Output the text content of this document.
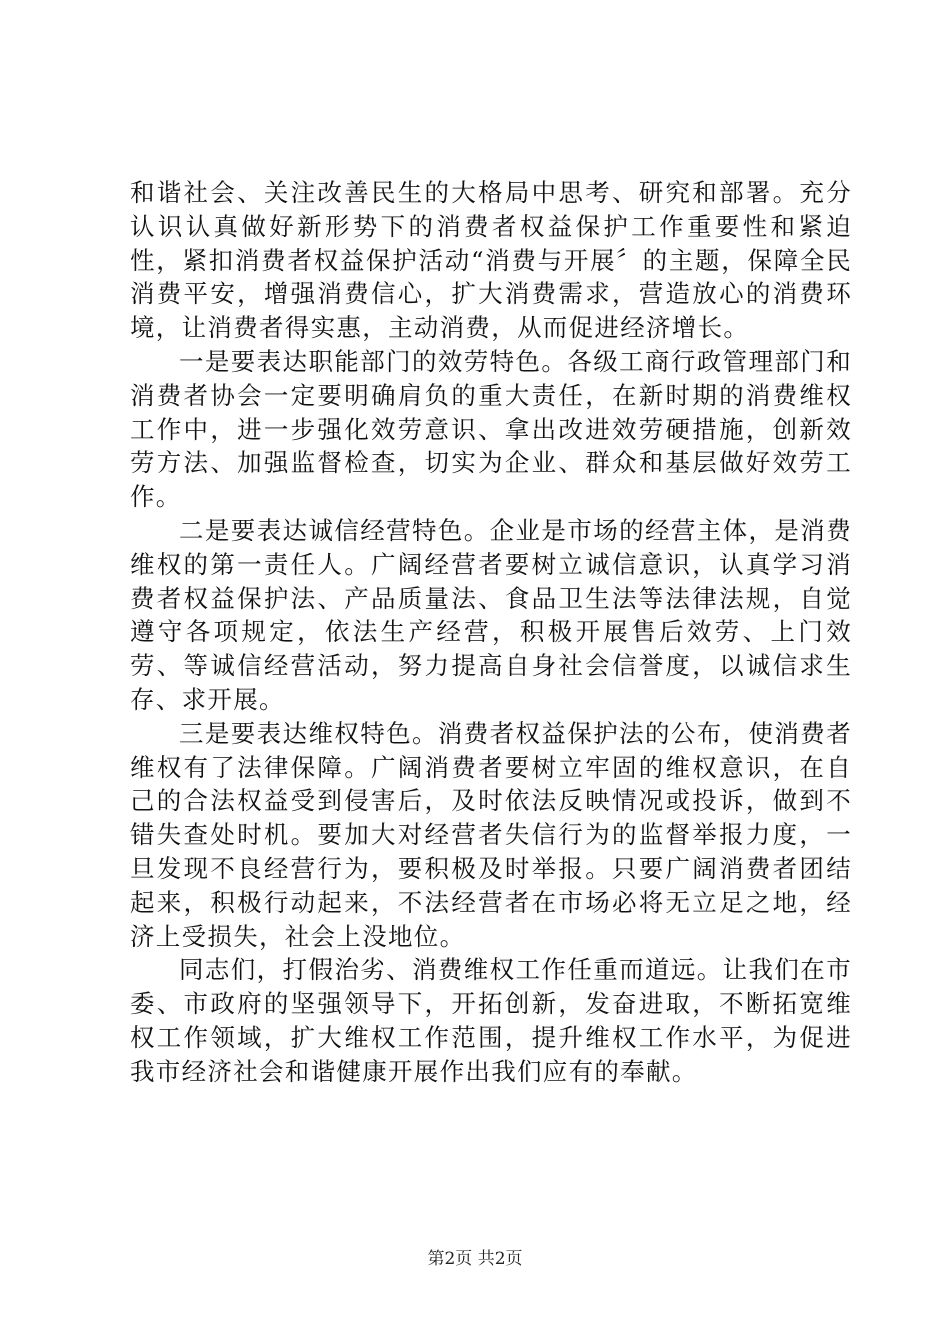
和谐社会、关注改善民生的大格局中思考、研究和部署。充分认识认真做好新形势下的消费者权益保护工作重要性和紧迫性，紧扣消费者权益保护活动“消费与开展〞的主题，保障全民消费平安，增强消费信心，扩大消费需求，营造放心的消费环境，让消费者得实惠，主动消费，从而促进经济增长。

一是要表达职能部门的效劳特色。各级工商行政管理部门和消费者协会一定要明确肩负的重大责任，在新时期的消费维权工作中，进一步强化效劳意识、拿出改进效劳硬措施，创新效劳方法、加强监督检查，切实为企业、群众和基层做好效劳工作。

二是要表达诚信经营特色。企业是市场的经营主体，是消费维权的第一责任人。广阔经营者要树立诚信意识，认真学习消费者权益保护法、产品质量法、食品卫生法等法律法规，自觉遵守各项规定，依法生产经营，积极开展售后效劳、上门效劳、等诚信经营活动，努力提高自身社会信誉度，以诚信求生存、求开展。

三是要表达维权特色。消费者权益保护法的公布，使消费者维权有了法律保障。广阔消费者要树立牢固的维权意识，在自己的合法权益受到侵害后，及时依法反映情况或投诉，做到不错失查处时机。要加大对经营者失信行为的监督举报力度，一旦发现不良经营行为，要积极及时举报。只要广阔消费者团结起来，积极行动起来，不法经营者在市场必将无立足之地，经济上受损失，社会上没地位。

同志们，打假治劣、消费维权工作任重而道远。让我们在市委、市政府的坚强领导下，开拓创新，发奋进取，不断拓宽维权工作领域，扩大维权工作范围，提升维权工作水平，为促进我市经济社会和谐健康开展作出我们应有的奉献。

第2页 共2页
